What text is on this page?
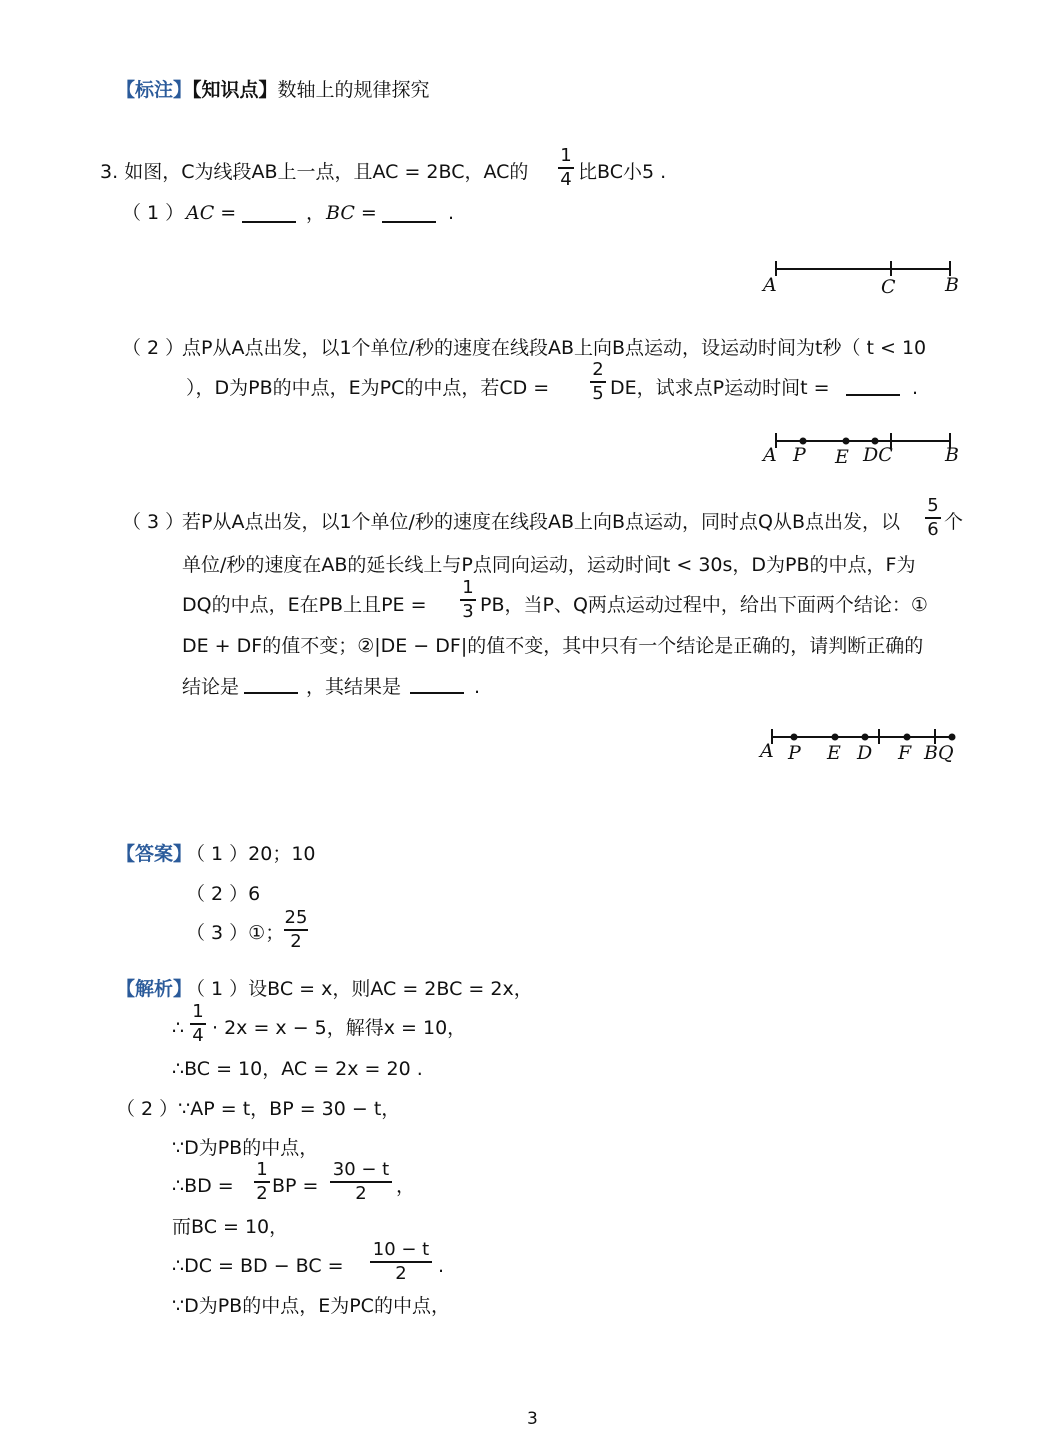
【标注】【知识点】数轴上的规律探究
3. 如图，C为线段AB上一点，且AC = 2BC，AC的
1
4 比BC小5 .
（ 1 ） AC =	， BC =	.
A	C	B
（ 2 ）
点P从A点出发，以1个单位/秒的速度在线段AB上向B点运动，设运动时间为t秒（ t < 10
），D为PB的中点，E为PC的中点，若CD =
2
5 DE，试求点P运动时间t =	.
A P E DC	B
（ 3 ）
若P从A点出发，以1个单位/秒的速度在线段AB上向B点运动，同时点Q从B点出发，以
5
6 个
单位/秒的速度在AB的延长线上与P点同向运动，运动时间t < 30s，D为PB的中点，F为
DQ的中点，E在PB上且PE =
1
3 PB，当P、Q两点运动过程中，给出下面两个结论：①
DE + DF的值不变；②|DE − DF|的值不变，其中只有一个结论是正确的，请判断正确的
结论是	，其结果是	.
A P E D F BQ
【答案】
（ 1 ）20；10
（ 2 ）6
（ 3 ）①；
25
2
【解析】
（ 1 ）设BC = x，则AC = 2BC = 2x，
∴
1
4 · 2x = x − 5，解得x = 10，
∴BC = 10，AC = 2x = 20 .
（ 2 ）∵AP = t，BP = 30 − t，
∵D为PB的中点，
∴BD =
1
2 BP =
30 − t
2	，
而BC = 10，
∴DC = BD − BC =
10 − t
2	.
∵D为PB的中点，E为PC的中点，
3
